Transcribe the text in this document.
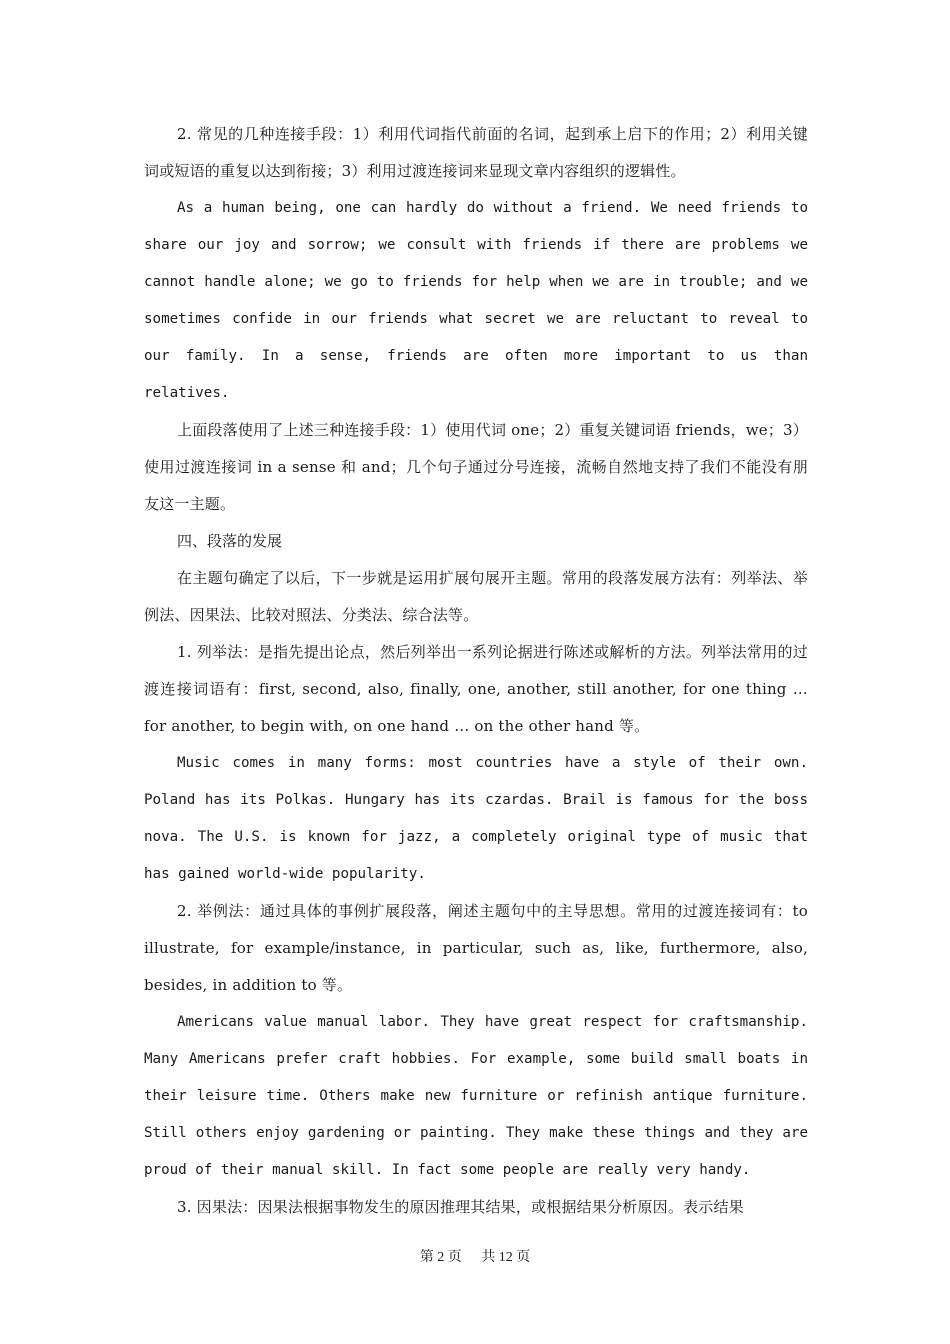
2. 常见的几种连接手段：1）利用代词指代前面的名词，起到承上启下的作用；2）利用关键词或短语的重复以达到衔接；3）利用过渡连接词来显现文章内容组织的逻辑性。

As a human being, one can hardly do without a friend. We need friends to share our joy and sorrow; we consult with friends if there are problems we cannot handle alone; we go to friends for help when we are in trouble; and we sometimes confide in our friends what secret we are reluctant to reveal to our family. In a sense, friends are often more important to us than relatives.

上面段落使用了上述三种连接手段：1）使用代词 one；2）重复关键词语 friends，we；3）使用过渡连接词 in a sense 和 and；几个句子通过分号连接，流畅自然地支持了我们不能没有朋友这一主题。

四、段落的发展

在主题句确定了以后，下一步就是运用扩展句展开主题。常用的段落发展方法有：列举法、举例法、因果法、比较对照法、分类法、综合法等。

1. 列举法：是指先提出论点，然后列举出一系列论据进行陈述或解析的方法。列举法常用的过渡连接词语有：first, second, also, finally, one, another, still another, for one thing … for another, to begin with, on one hand … on the other hand 等。

Music comes in many forms: most countries have a style of their own. Poland has its Polkas. Hungary has its czardas. Brail is famous for the boss nova. The U.S. is known for jazz, a completely original type of music that has gained world-wide popularity.

2. 举例法：通过具体的事例扩展段落，阐述主题句中的主导思想。常用的过渡连接词有：to illustrate, for example/instance, in particular, such as, like, furthermore, also, besides, in addition to 等。

Americans value manual labor. They have great respect for craftsmanship. Many Americans prefer craft hobbies. For example, some build small boats in their leisure time. Others make new furniture or refinish antique furniture. Still others enjoy gardening or painting. They make these things and they are proud of their manual skill. In fact some people are really very handy.

3. 因果法：因果法根据事物发生的原因推理其结果，或根据结果分析原因。表示结果

第 2 页 共 12 页
